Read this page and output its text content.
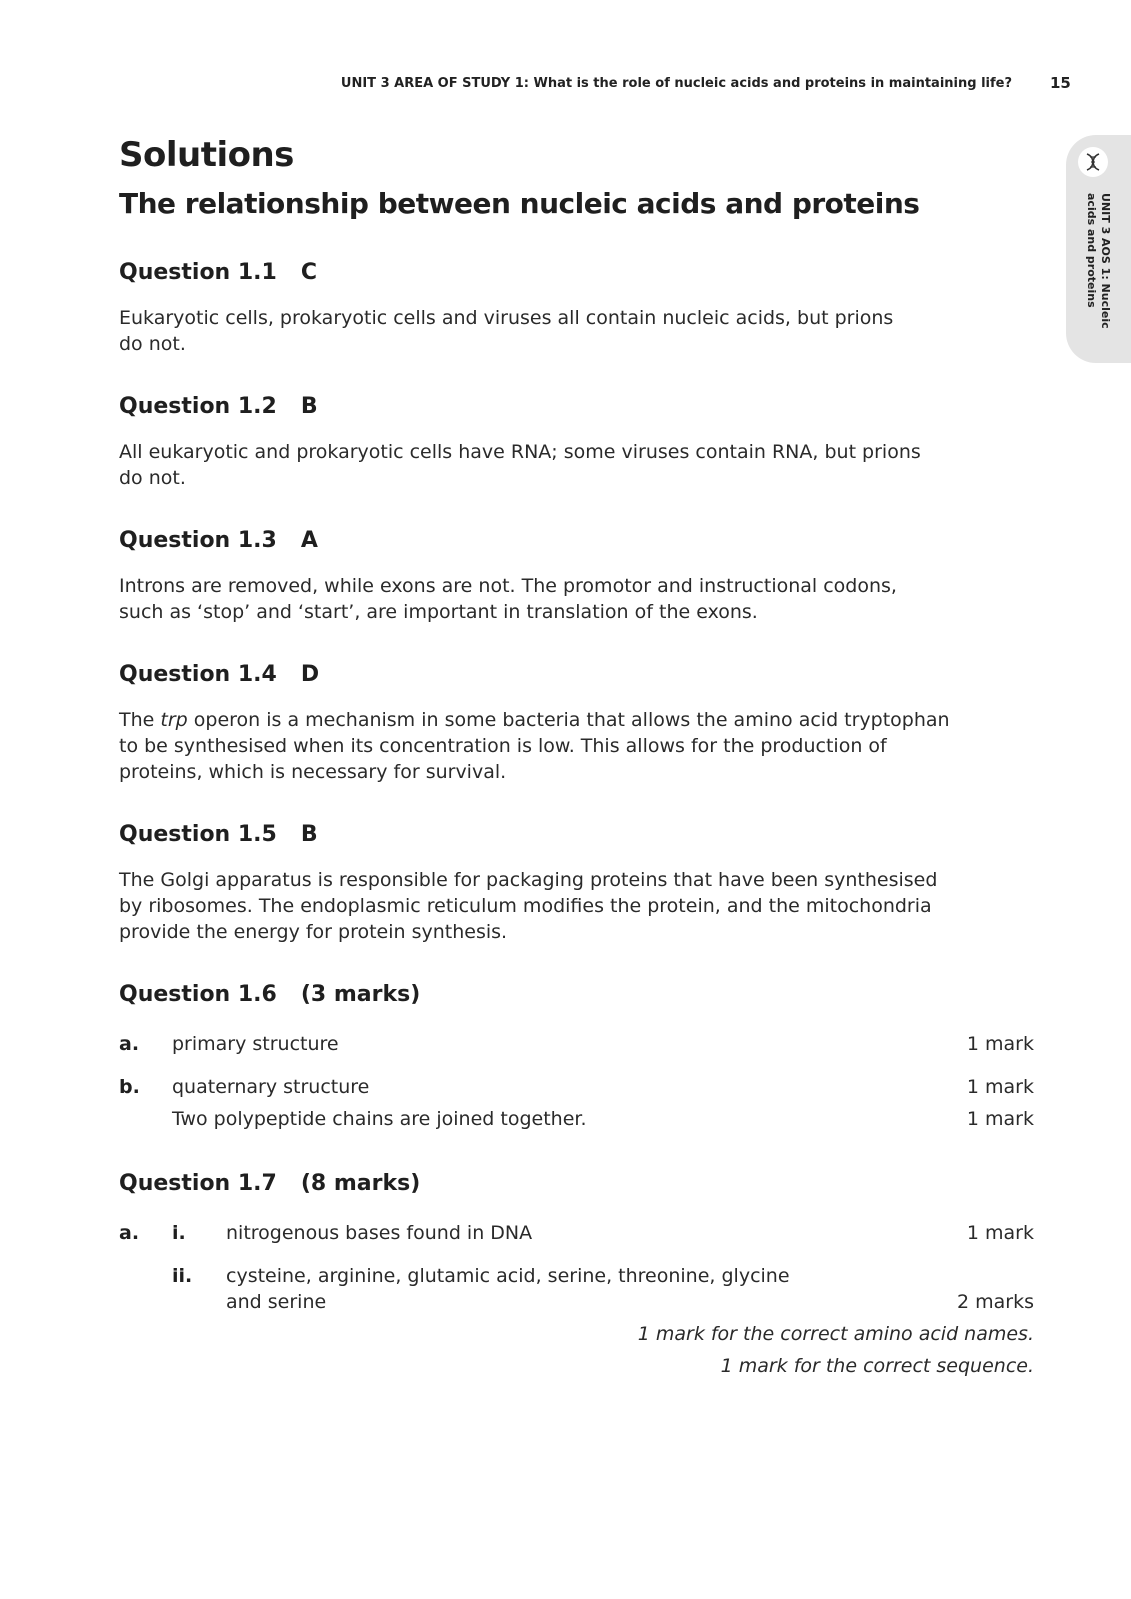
UNIT 3 AREA OF STUDY 1: What is the role of nucleic acids and proteins in maintaining life?	15
UNIT 3 AOS 1: Nucleic
acids and proteins
Solutions
The relationship between nucleic acids and proteins
Question 1.1 C
Eukaryotic cells, prokaryotic cells and viruses all contain nucleic acids, but prions
do not.
Question 1.2 B
All eukaryotic and prokaryotic cells have RNA; some viruses contain RNA, but prions
do not.
Question 1.3 A
Introns are removed, while exons are not. The promotor and instructional codons,
such as ‘stop’ and ‘start’, are important in translation of the exons.
Question 1.4 D
The trp operon is a mechanism in some bacteria that allows the amino acid tryptophan
to be synthesised when its concentration is low. This allows for the production of
proteins, which is necessary for survival.
Question 1.5 B
The Golgi apparatus is responsible for packaging proteins that have been synthesised
by ribosomes. The endoplasmic reticulum modifies the protein, and the mitochondria
provide the energy for protein synthesis.
Question 1.6 (3 marks)
a.	primary structure	1 mark
b.	quaternary structure	1 mark
Two polypeptide chains are joined together.	1 mark
Question 1.7 (8 marks)
a. i.	nitrogenous bases found in DNA	1 mark
ii.	cysteine, arginine, glutamic acid, serine, threonine, glycine
and serine	2 marks
1 mark for the correct amino acid names.
1 mark for the correct sequence.
